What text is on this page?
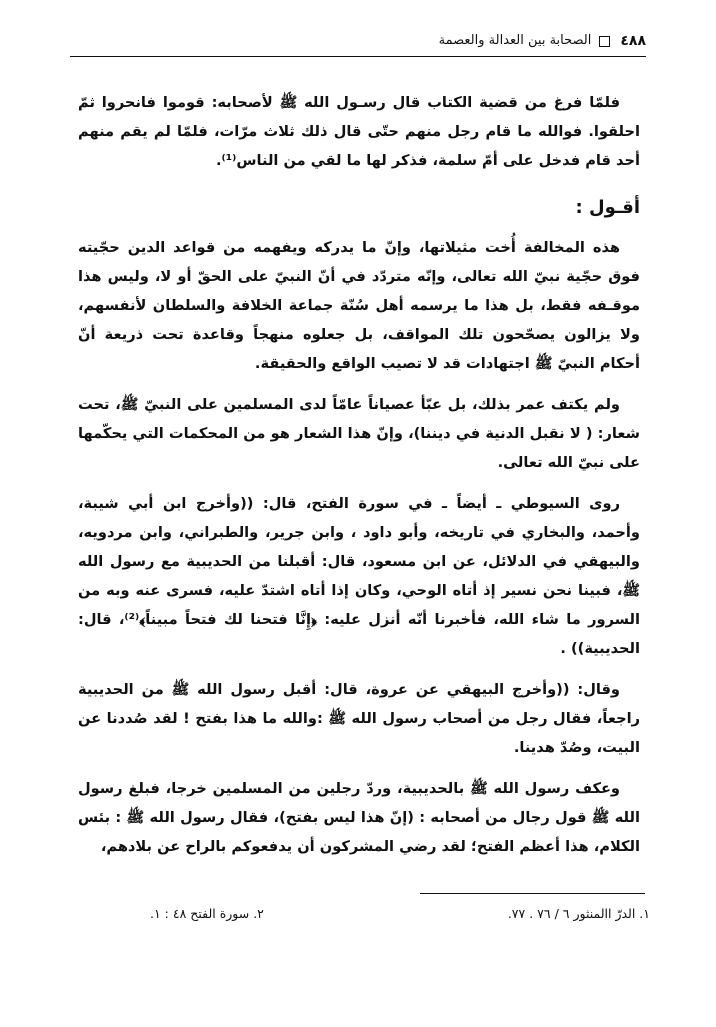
٤٨٨
الصحابة بين العدالة والعصمة

فلمّا فرغ من قضية الكتاب قال رسـول الله ﷺ لأصحابه: قوموا فانحروا ثمّ احلقوا. فوالله ما قام رجل منهم حتّى قال ذلك ثلاث مرّات، فلمّا لم يقم منهم أحد قام فدخل على أمّ سلمة، فذكر لها ما لقي من الناس⁽¹⁾.

أقـول :

هذه المخالفة أُخت مثيلاتها، وإنّ ما يدركه ويفهمه من قواعد الدين حجّيته فوق حجّية نبيّ الله تعالى، وإنّه متردّد في أنّ النبيّ على الحقّ أو لا، وليس هذا موقـفه فقط، بل هذا ما يرسمه أهل سُنّة جماعة الخلافة والسلطان لأنفسهم، ولا يزالون يصحّحون تلك المواقف، بل جعلوه منهجاً وقاعدة تحت ذريعة أنّ أحكام النبيّ ﷺ اجتهادات قد لا تصيب الواقع والحقيقة.

ولم يكتف عمر بذلك، بل عبّأ عصياناً عامّاً لدى المسلمين على النبيّ ﷺ، تحت شعار: ( لا نقبل الدنية في ديننا)، وإنّ هذا الشعار هو من المحكمات التي يحكّمها على نبيّ الله تعالى.

روى السيوطي ـ أيضاً ـ في سورة الفتح، قال: ((وأخرج ابن أبي شيبة، وأحمد، والبخاري في تاريخه، وأبو داود ، وابن جرير، والطبراني، وابن مردويه، والبيهقي في الدلائل، عن ابن مسعود، قال: أقبلنا من الحديبية مع رسول الله ﷺ، فبينا نحن نسير إذ أتاه الوحي، وكان إذا أتاه اشتدّ عليه، فسرى عنه وبه من السرور ما شاء الله، فأخبرنا أنّه أنزل عليه: ﴿إِنَّا فتحنا لك فتحاً مبيناً﴾⁽²⁾، قال: الحديبية)) .

وقال: ((وأخرج البيهقي عن عروة، قال: أقبل رسول الله ﷺ من الحديبية راجعاً، فقال رجل من أصحاب رسول الله ﷺ :والله ما هذا بفتح ! لقد صُددنا عن البيت، وصُدّ هدينا.

وعكف رسول الله ﷺ بالحديبية، وردّ رجلين من المسلمين خرجا، فبلغ رسول الله ﷺ قول رجال من أصحابه : (إنّ هذا ليس بفتح)، فقال رسول الله ﷺ : بئس الكلام، هذا أعظم الفتح؛ لقد رضي المشركون أن يدفعوكم بالراح عن بلادهم،

١. الدرّ االمنثور ٦ / ٧٦ . ٧٧.
٢. سورة الفتح ٤٨ : ١.
